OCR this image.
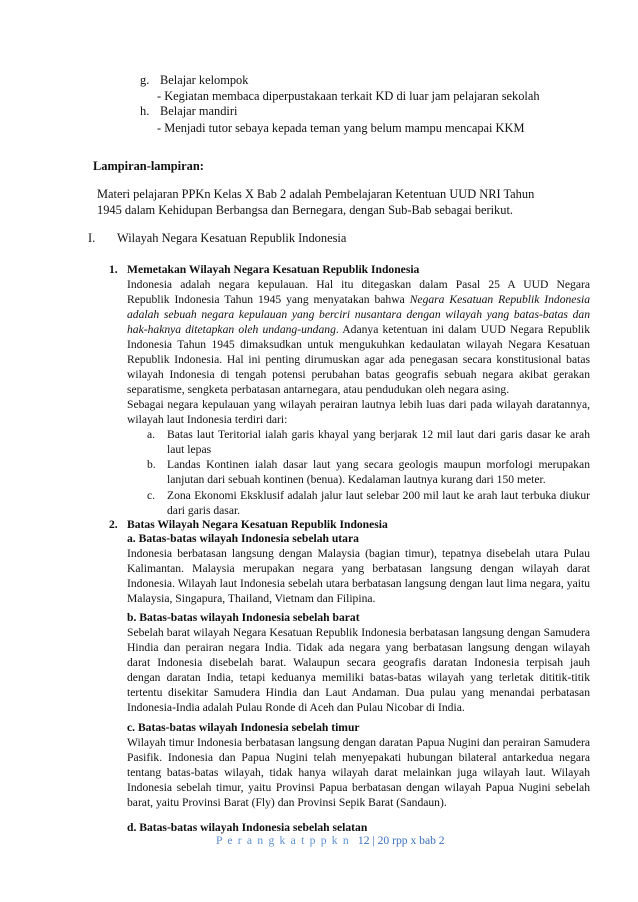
g. Belajar kelompok
- Kegiatan membaca diperpustakaan terkait KD di luar jam pelajaran sekolah
h. Belajar mandiri
- Menjadi tutor sebaya kepada teman yang belum mampu mencapai KKM
Lampiran-lampiran:
Materi pelajaran PPKn Kelas X Bab 2 adalah Pembelajaran Ketentuan UUD NRI Tahun
1945 dalam Kehidupan Berbangsa dan Bernegara, dengan Sub-Bab sebagai berikut.
I. Wilayah Negara Kesatuan Republik Indonesia
1. Memetakan Wilayah Negara Kesatuan Republik Indonesia
Indonesia adalah negara kepulauan. Hal itu ditegaskan dalam Pasal 25 A UUD Negara
Republik Indonesia Tahun 1945 yang menyatakan bahwa Negara Kesatuan Republik Indonesia
adalah sebuah negara kepulauan yang berciri nusantara dengan wilayah yang batas-batas dan
hak-haknya ditetapkan oleh undang-undang. Adanya ketentuan ini dalam UUD Negara Republik
Indonesia Tahun 1945 dimaksudkan untuk mengukuhkan kedaulatan wilayah Negara Kesatuan
Republik Indonesia. Hal ini penting dirumuskan agar ada penegasan secara konstitusional batas
wilayah Indonesia di tengah potensi perubahan batas geografis sebuah negara akibat gerakan
separatisme, sengketa perbatasan antarnegara, atau pendudukan oleh negara asing.
Sebagai negara kepulauan yang wilayah perairan lautnya lebih luas dari pada wilayah daratannya,
wilayah laut Indonesia terdiri dari:
a. Batas laut Teritorial ialah garis khayal yang berjarak 12 mil laut dari garis dasar ke arah
laut lepas
b. Landas Kontinen ialah dasar laut yang secara geologis maupun morfologi merupakan
lanjutan dari sebuah kontinen (benua). Kedalaman lautnya kurang dari 150 meter.
c. Zona Ekonomi Eksklusif adalah jalur laut selebar 200 mil laut ke arah laut terbuka diukur
dari garis dasar.
2. Batas Wilayah Negara Kesatuan Republik Indonesia
a. Batas-batas wilayah Indonesia sebelah utara
Indonesia berbatasan langsung dengan Malaysia (bagian timur), tepatnya disebelah utara Pulau
Kalimantan. Malaysia merupakan negara yang berbatasan langsung dengan wilayah darat
Indonesia. Wilayah laut Indonesia sebelah utara berbatasan langsung dengan laut lima negara, yaitu
Malaysia, Singapura, Thailand, Vietnam dan Filipina.
b. Batas-batas wilayah Indonesia sebelah barat
Sebelah barat wilayah Negara Kesatuan Republik Indonesia berbatasan langsung dengan Samudera
Hindia dan perairan negara India. Tidak ada negara yang berbatasan langsung dengan wilayah
darat Indonesia disebelah barat. Walaupun secara geografis daratan Indonesia terpisah jauh
dengan daratan India, tetapi keduanya memiliki batas-batas wilayah yang terletak dititik-titik
tertentu disekitar Samudera Hindia dan Laut Andaman. Dua pulau yang menandai perbatasan
Indonesia-India adalah Pulau Ronde di Aceh dan Pulau Nicobar di India.
c. Batas-batas wilayah Indonesia sebelah timur
Wilayah timur Indonesia berbatasan langsung dengan daratan Papua Nugini dan perairan Samudera
Pasifik. Indonesia dan Papua Nugini telah menyepakati hubungan bilateral antarkedua negara
tentang batas-batas wilayah, tidak hanya wilayah darat melainkan juga wilayah laut. Wilayah
Indonesia sebelah timur, yaitu Provinsi Papua berbatasan dengan wilayah Papua Nugini sebelah
barat, yaitu Provinsi Barat (Fly) dan Provinsi Sepik Barat (Sandaun).
d. Batas-batas wilayah Indonesia sebelah selatan
P e r a n g k a t p p k n 12 | 20 rpp x bab 2
